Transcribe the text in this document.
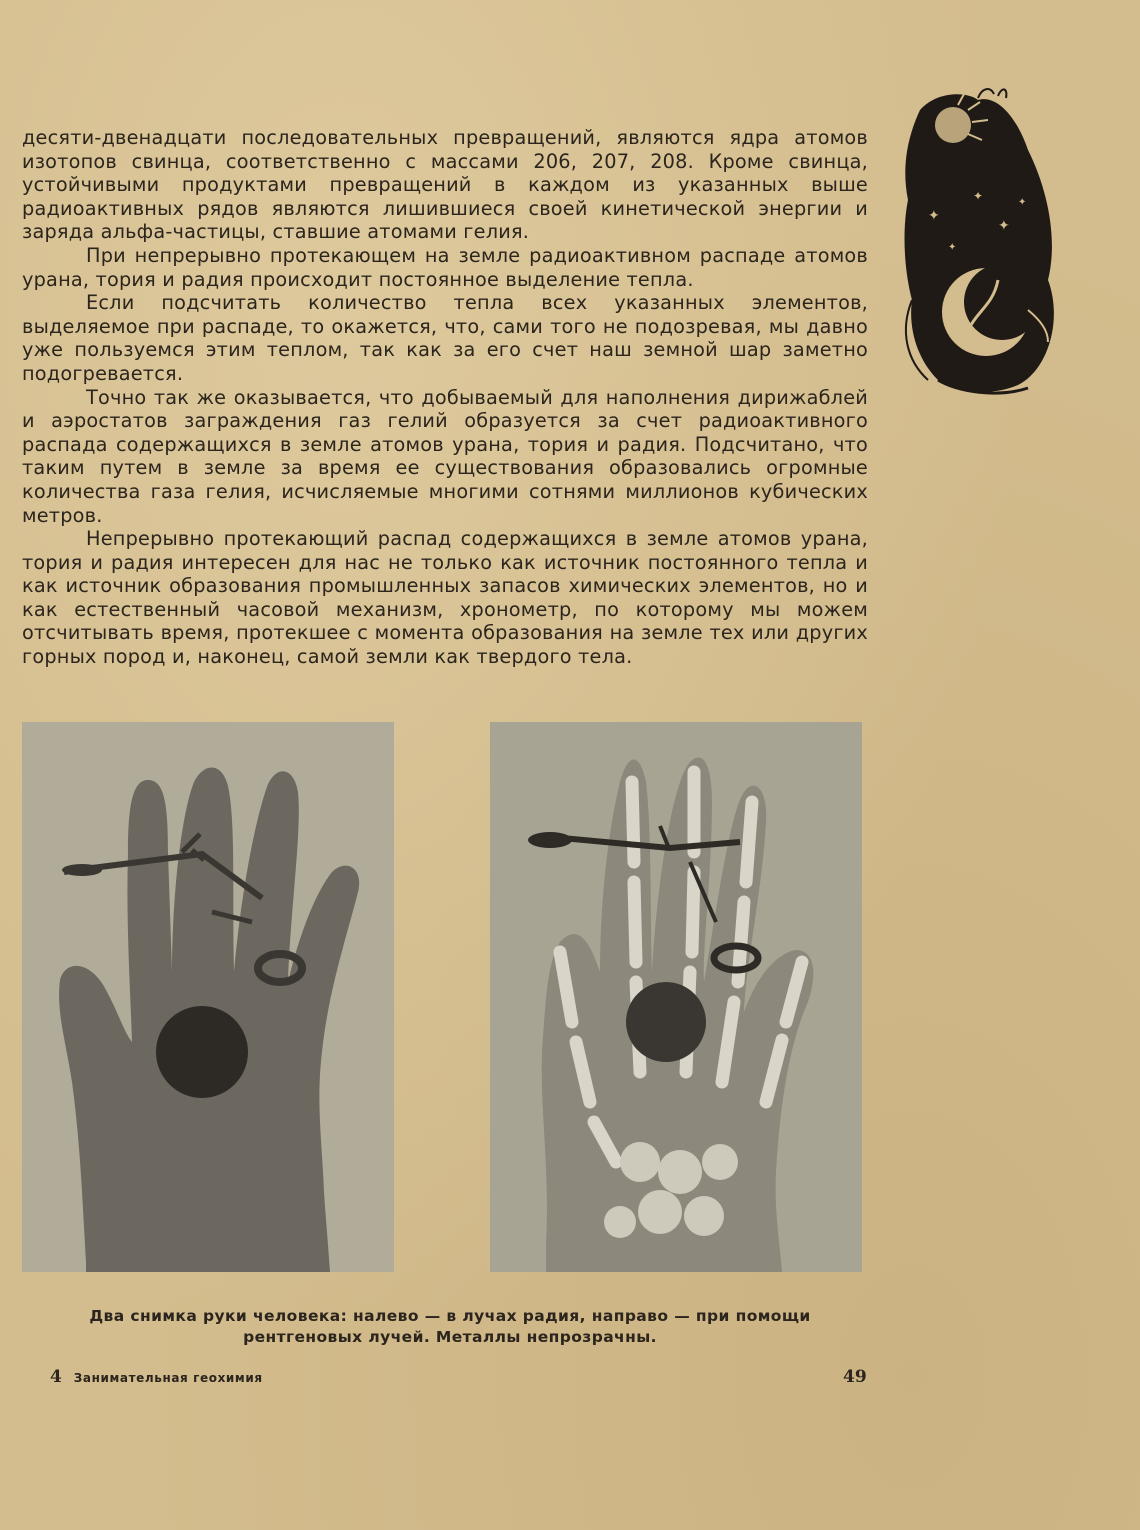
десяти-двенадцати последовательных превращений, являются ядра атомов изотопов свинца, соответственно с массами 206, 207, 208. Кроме свинца, устойчивыми продуктами превращений в каждом из указанных выше радиоактивных рядов являются лишившиеся своей кинетической энергии и заряда альфа-частицы, ставшие атомами гелия.

При непрерывно протекающем на земле радиоактивном распаде атомов урана, тория и радия происходит постоянное выделение тепла.

Если подсчитать количество тепла всех указанных элементов, выделяемое при распаде, то окажется, что, сами того не подозревая, мы давно уже пользуемся этим теплом, так как за его счет наш земной шар заметно подогревается.

Точно так же оказывается, что добываемый для наполнения дирижаблей и аэростатов заграждения газ гелий образуется за счет радиоактивного распада содержащихся в земле атомов урана, тория и радия. Подсчитано, что таким путем в земле за время ее существования образовались огромные количества газа гелия, исчисляемые многими сотнями миллионов кубических метров.

Непрерывно протекающий распад содержащихся в земле атомов урана, тория и радия интересен для нас не только как источник постоянного тепла и как источник образования промышленных запасов химических элементов, но и как естественный часовой механизм, хронометр, по которому мы можем отсчитывать время, протекшее с момента образования на земле тех или других горных пород и, наконец, самой земли как твердого тела.

✦
✦
✦
✦
✦
Два снимка руки человека: налево — в лучах радия, направо — при помощи
рентгеновых лучей. Металлы непрозрачны.
4 Занимательная геохимия	49
